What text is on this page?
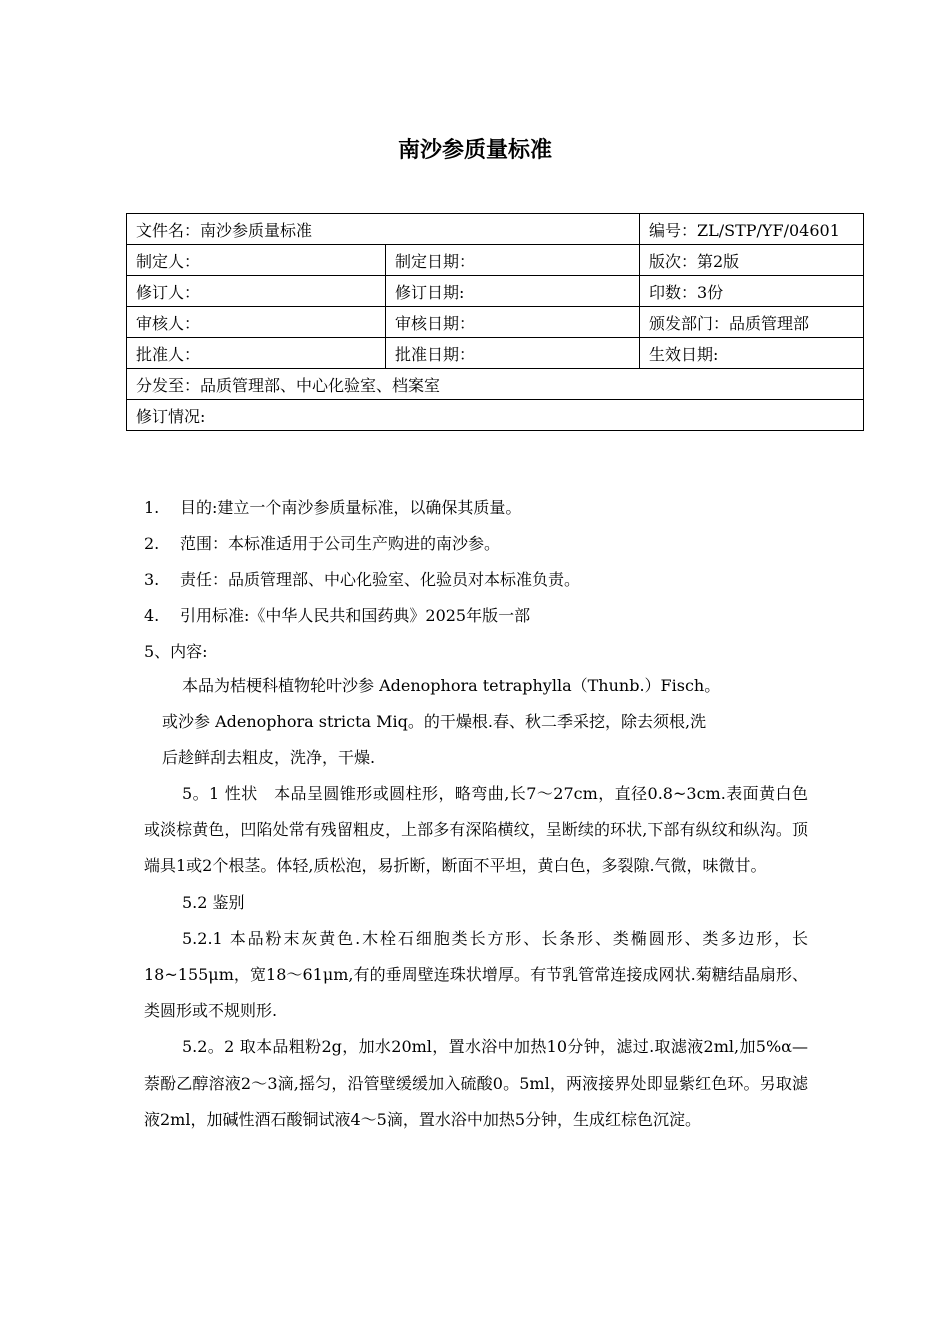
南沙参质量标准
文件名：南沙参质量标准		编号：ZL/STP/YF/04601
制定人：	制定日期：	版次：第2版
修订人：	修订日期:	印数：3份
审核人：	审核日期：	颁发部门：品质管理部
批准人：	批准日期：	生效日期:
分发至：品质管理部、中心化验室、档案室		
修订情况:		
1. 目的:建立一个南沙参质量标准，以确保其质量。
2. 范围：本标准适用于公司生产购进的南沙参。
3. 责任：品质管理部、中心化验室、化验员对本标准负责。
4. 引用标准:《中华人民共和国药典》2025年版一部
5、内容:

本品为桔梗科植物轮叶沙参 Adenophora tetraphylla（Thunb.）Fisch。

或沙参 Adenophora stricta Miq。的干燥根.春、秋二季采挖，除去须根,洗

后趁鲜刮去粗皮，洗净，干燥.

5。1 性状　本品呈圆锥形或圆柱形，略弯曲,长7～27cm，直径0.8~3cm.表面黄白色或淡棕黄色，凹陷处常有残留粗皮，上部多有深陷横纹，呈断续的环状,下部有纵纹和纵沟。顶端具1或2个根茎。体轻,质松泡，易折断，断面不平坦，黄白色，多裂隙.气微，味微甘。

5.2 鉴别

5.2.1 本品粉末灰黄色.木栓石细胞类长方形、长条形、类椭圆形、类多边形，长18~155μm，宽18～61μm,有的垂周壁连珠状增厚。有节乳管常连接成网状.菊糖结晶扇形、类圆形或不规则形.

5.2。2 取本品粗粉2g，加水20ml，置水浴中加热10分钟，滤过.取滤液2ml,加5%α—萘酚乙醇溶液2～3滴,摇匀，沿管壁缓缓加入硫酸0。5ml，两液接界处即显紫红色环。另取滤液2ml，加碱性酒石酸铜试液4～5滴，置水浴中加热5分钟，生成红棕色沉淀。
